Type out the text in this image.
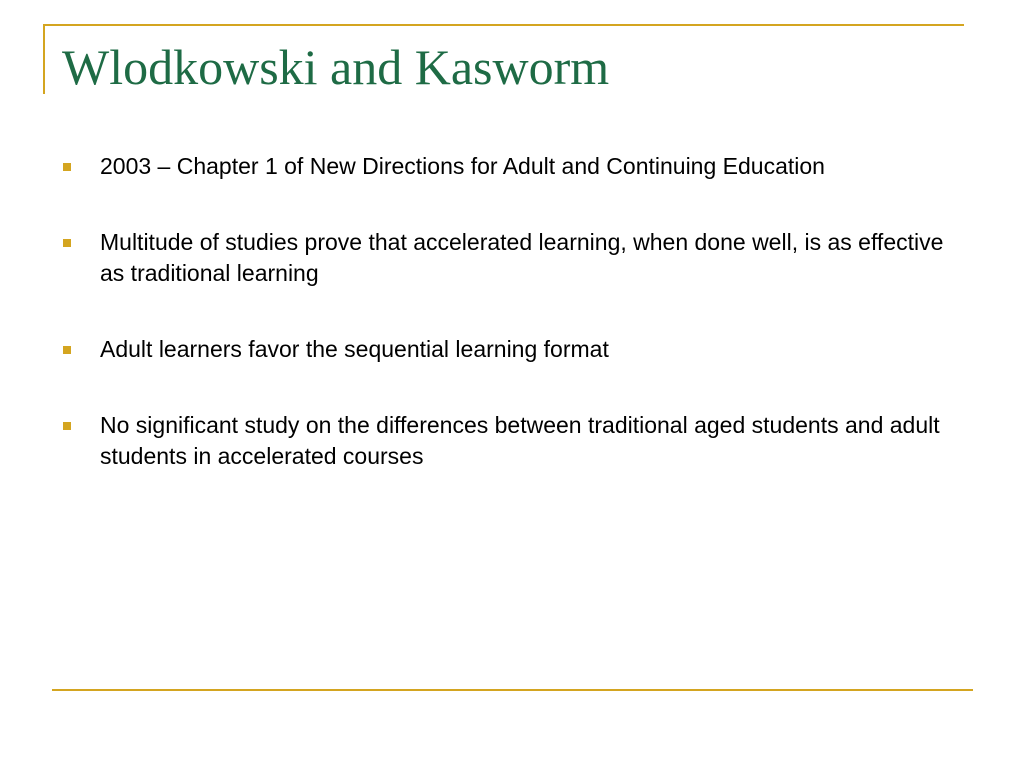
Wlodkowski and Kasworm
2003 – Chapter 1 of New Directions for Adult and Continuing Education
Multitude of studies prove that accelerated learning, when done well, is as effective as traditional learning
Adult learners favor the sequential learning format
No significant study on the differences between traditional aged students and adult students in accelerated courses
